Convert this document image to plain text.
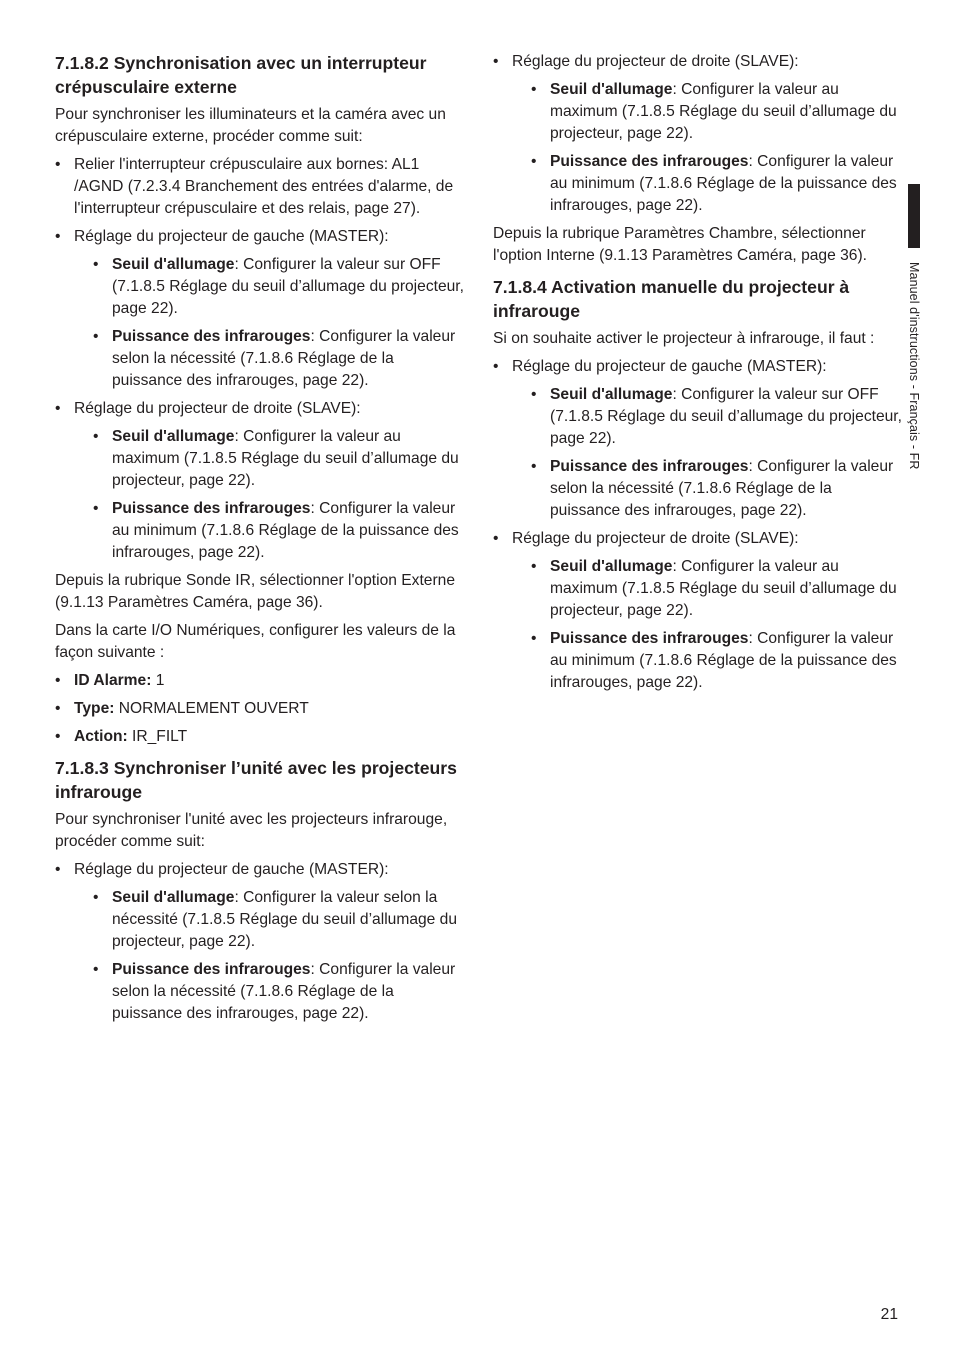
7.1.8.2 Synchronisation avec un interrupteur crépusculaire externe

Pour synchroniser les illuminateurs et la caméra avec un crépusculaire externe, procéder comme suit:

• Relier l'interrupteur crépusculaire aux bornes: AL1 /AGND (7.2.3.4 Branchement des entrées d'alarme, de l'interrupteur crépusculaire et des relais, page 27).
• Réglage du projecteur de gauche (MASTER):
• Seuil d'allumage: Configurer la valeur sur OFF (7.1.8.5 Réglage du seuil d’allumage du projecteur, page 22).
• Puissance des infrarouges: Configurer la valeur selon la nécessité (7.1.8.6 Réglage de la puissance des infrarouges, page 22).
• Réglage du projecteur de droite (SLAVE):
• Seuil d'allumage: Configurer la valeur au maximum (7.1.8.5 Réglage du seuil d’allumage du projecteur, page 22).
• Puissance des infrarouges: Configurer la valeur au minimum (7.1.8.6 Réglage de la puissance des infrarouges, page 22).

Depuis la rubrique Sonde IR, sélectionner l'option Externe (9.1.13 Paramètres Caméra, page 36).

Dans la carte I/O Numériques, configurer les valeurs de la façon suivante :

• ID Alarme: 1
• Type: NORMALEMENT OUVERT
• Action: IR_FILT
7.1.8.3 Synchroniser l’unité avec les projecteurs infrarouge

Pour synchroniser l'unité avec les projecteurs infrarouge, procéder comme suit:

• Réglage du projecteur de gauche (MASTER):
• Seuil d'allumage: Configurer la valeur selon la nécessité (7.1.8.5 Réglage du seuil d’allumage du projecteur, page 22).
• Puissance des infrarouges: Configurer la valeur selon la nécessité (7.1.8.6 Réglage de la puissance des infrarouges, page 22).
• Réglage du projecteur de droite (SLAVE):
• Seuil d'allumage: Configurer la valeur au maximum (7.1.8.5 Réglage du seuil d’allumage du projecteur, page 22).
• Puissance des infrarouges: Configurer la valeur au minimum (7.1.8.6 Réglage de la puissance des infrarouges, page 22).

Depuis la rubrique Paramètres Chambre, sélectionner l'option Interne (9.1.13 Paramètres Caméra, page 36).

7.1.8.4 Activation manuelle du projecteur à infrarouge

Si on souhaite activer le projecteur à infrarouge, il faut :

• Réglage du projecteur de gauche (MASTER):
• Seuil d'allumage: Configurer la valeur sur OFF (7.1.8.5 Réglage du seuil d’allumage du projecteur, page 22).
• Puissance des infrarouges: Configurer la valeur selon la nécessité (7.1.8.6 Réglage de la puissance des infrarouges, page 22).
• Réglage du projecteur de droite (SLAVE):
• Seuil d'allumage: Configurer la valeur au maximum (7.1.8.5 Réglage du seuil d’allumage du projecteur, page 22).
• Puissance des infrarouges: Configurer la valeur au minimum (7.1.8.6 Réglage de la puissance des infrarouges, page 22).
Manuel d'instructions - Français - FR
21
